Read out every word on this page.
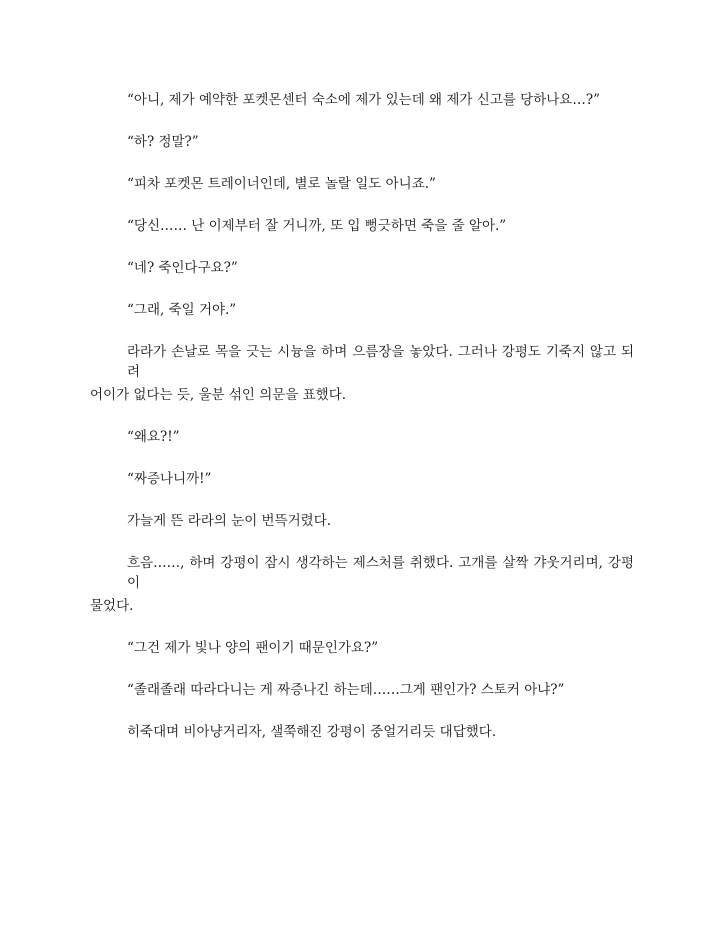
“아니, 제가 예약한 포켓몬센터 숙소에 제가 있는데 왜 제가 신고를 당하나요…?”

“하? 정말?”

“피차 포켓몬 트레이너인데, 별로 놀랄 일도 아니죠.”

“당신…… 난 이제부터 잘 거니까, 또 입 뻥긋하면 죽을 줄 알아.”

“네? 죽인다구요?”

“그래, 죽일 거야.”

라라가 손날로 목을 긋는 시늉을 하며 으름장을 놓았다. 그러나 강평도 기죽지 않고 되려

어이가 없다는 듯, 울분 섞인 의문을 표했다.

“왜요?!”

“짜증나니까!”

가늘게 뜬 라라의 눈이 번뜩거렸다.

흐음……, 하며 강평이 잠시 생각하는 제스처를 취했다. 고개를 살짝 갸웃거리며, 강평이

물었다.

“그건 제가 빛나 양의 팬이기 때문인가요?”

“졸래졸래 따라다니는 게 짜증나긴 하는데……그게 팬인가? 스토커 아냐?”

히죽대며 비아냥거리자, 샐쭉해진 강평이 중얼거리듯 대답했다.
